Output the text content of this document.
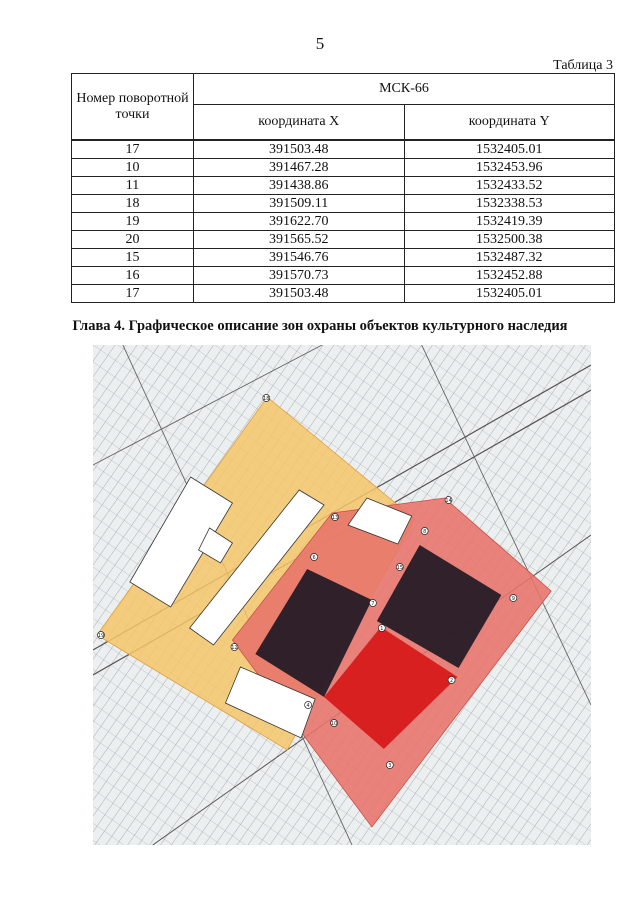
5
Таблица 3
Номер поворотной точки	МСК-66	
	координата X	координата Y
17	391503.48	1532405.01
10	391467.28	1532453.96
11	391438.86	1532433.52
18	391509.11	1532338.53
19	391622.70	1532419.39
20	391565.52	1532500.38
15	391546.76	1532487.32
16	391570.73	1532452.88
17	391503.48	1532405.01
Глава 4. Графическое описание зон охраны объектов культурного наследия
1
2
3
4
6
7
8
9
10
12
13
14
15
18
19
